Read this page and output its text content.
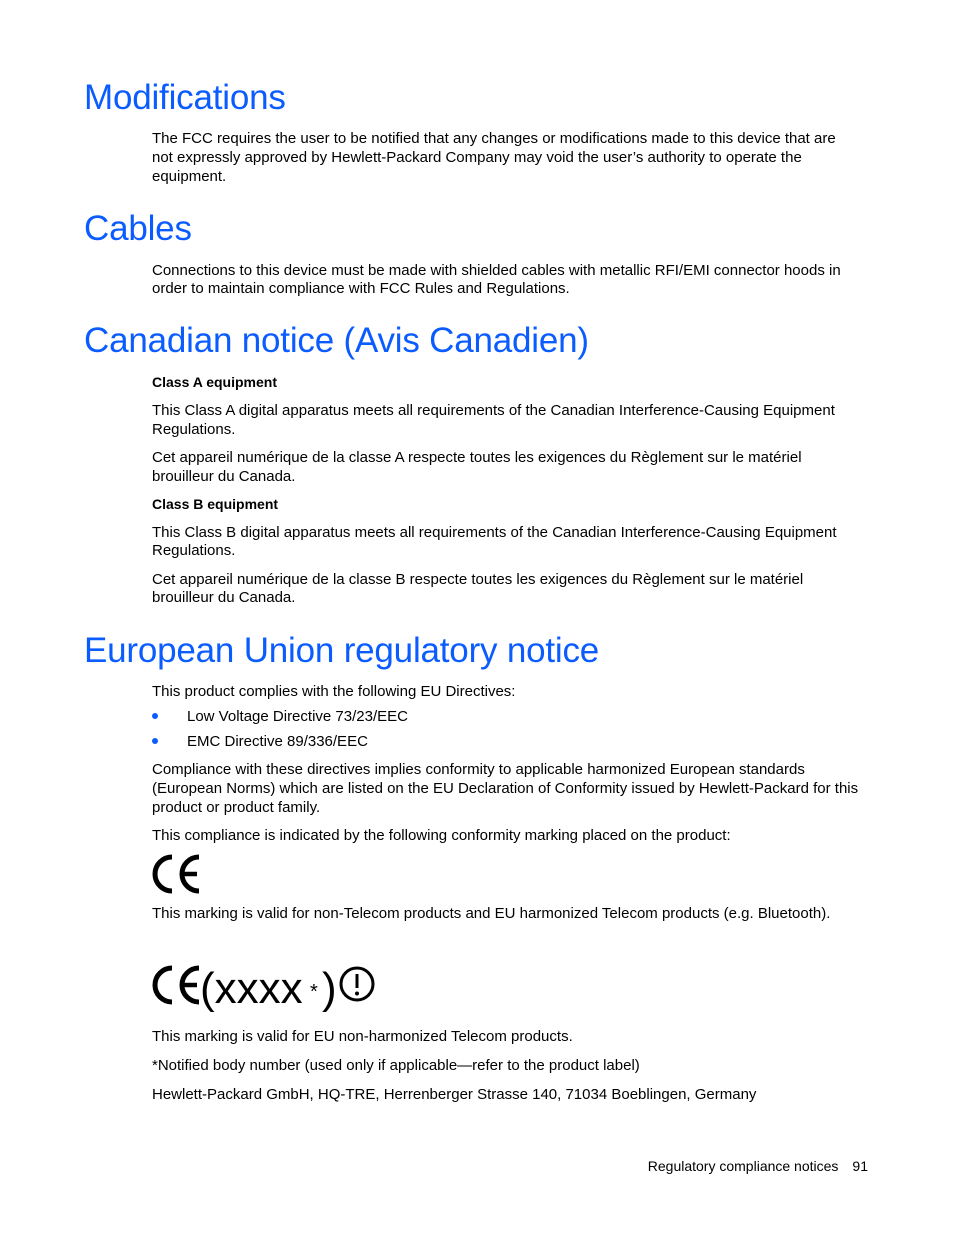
Modifications

The FCC requires the user to be notified that any changes or modifications made to this device that are

not expressly approved by Hewlett-Packard Company may void the user’s authority to operate the

equipment.

Cables

Connections to this device must be made with shielded cables with metallic RFI/EMI connector hoods in

order to maintain compliance with FCC Rules and Regulations.

Canadian notice (Avis Canadien)

Class A equipment

This Class A digital apparatus meets all requirements of the Canadian Interference-Causing Equipment

Regulations.

Cet appareil numérique de la classe A respecte toutes les exigences du Règlement sur le matériel

brouilleur du Canada.

Class B equipment

This Class B digital apparatus meets all requirements of the Canadian Interference-Causing Equipment

Regulations.

Cet appareil numérique de la classe B respecte toutes les exigences du Règlement sur le matériel

brouilleur du Canada.

European Union regulatory notice

This product complies with the following EU Directives:

Low Voltage Directive 73/23/EEC
EMC Directive 89/336/EEC

Compliance with these directives implies conformity to applicable harmonized European standards

(European Norms) which are listed on the EU Declaration of Conformity issued by Hewlett-Packard for this

product or product family.

This compliance is indicated by the following conformity marking placed on the product:

This marking is valid for non-Telecom products and EU harmonized Telecom products (e.g. Bluetooth).

(xxxx * )

This marking is valid for EU non-harmonized Telecom products.

*Notified body number (used only if applicable—refer to the product label)

Hewlett-Packard GmbH, HQ-TRE, Herrenberger Strasse 140, 71034 Boeblingen, Germany

Regulatory compliance notices 91
